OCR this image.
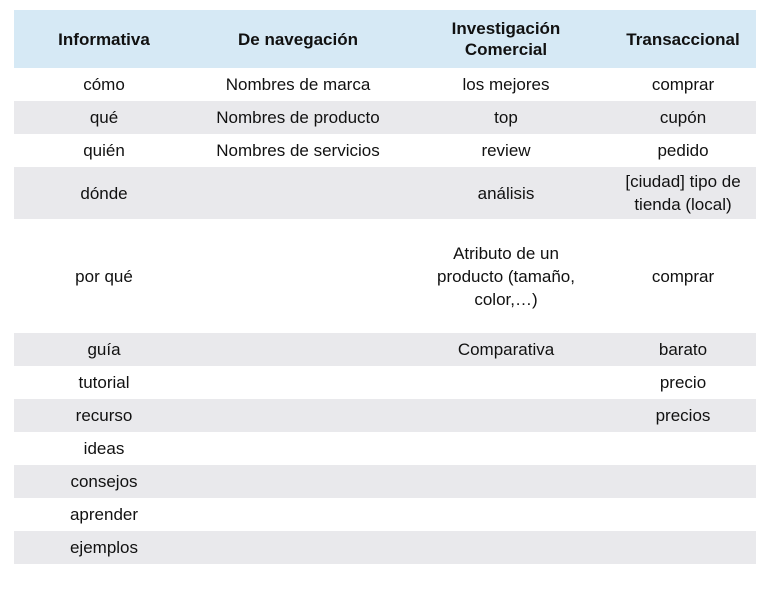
Informativa	De navegación	Investigación
Comercial	Transaccional
cómo	Nombres de marca	los mejores	comprar
qué	Nombres de producto	top	cupón
quién	Nombres de servicios	review	pedido
dónde		análisis	[ciudad] tipo de
tienda (local)
por qué		Atributo de un
producto (tamaño,
color,…)	comprar
guía		Comparativa	barato
tutorial			precio
recurso			precios
ideas			
consejos			
aprender			
ejemplos			
